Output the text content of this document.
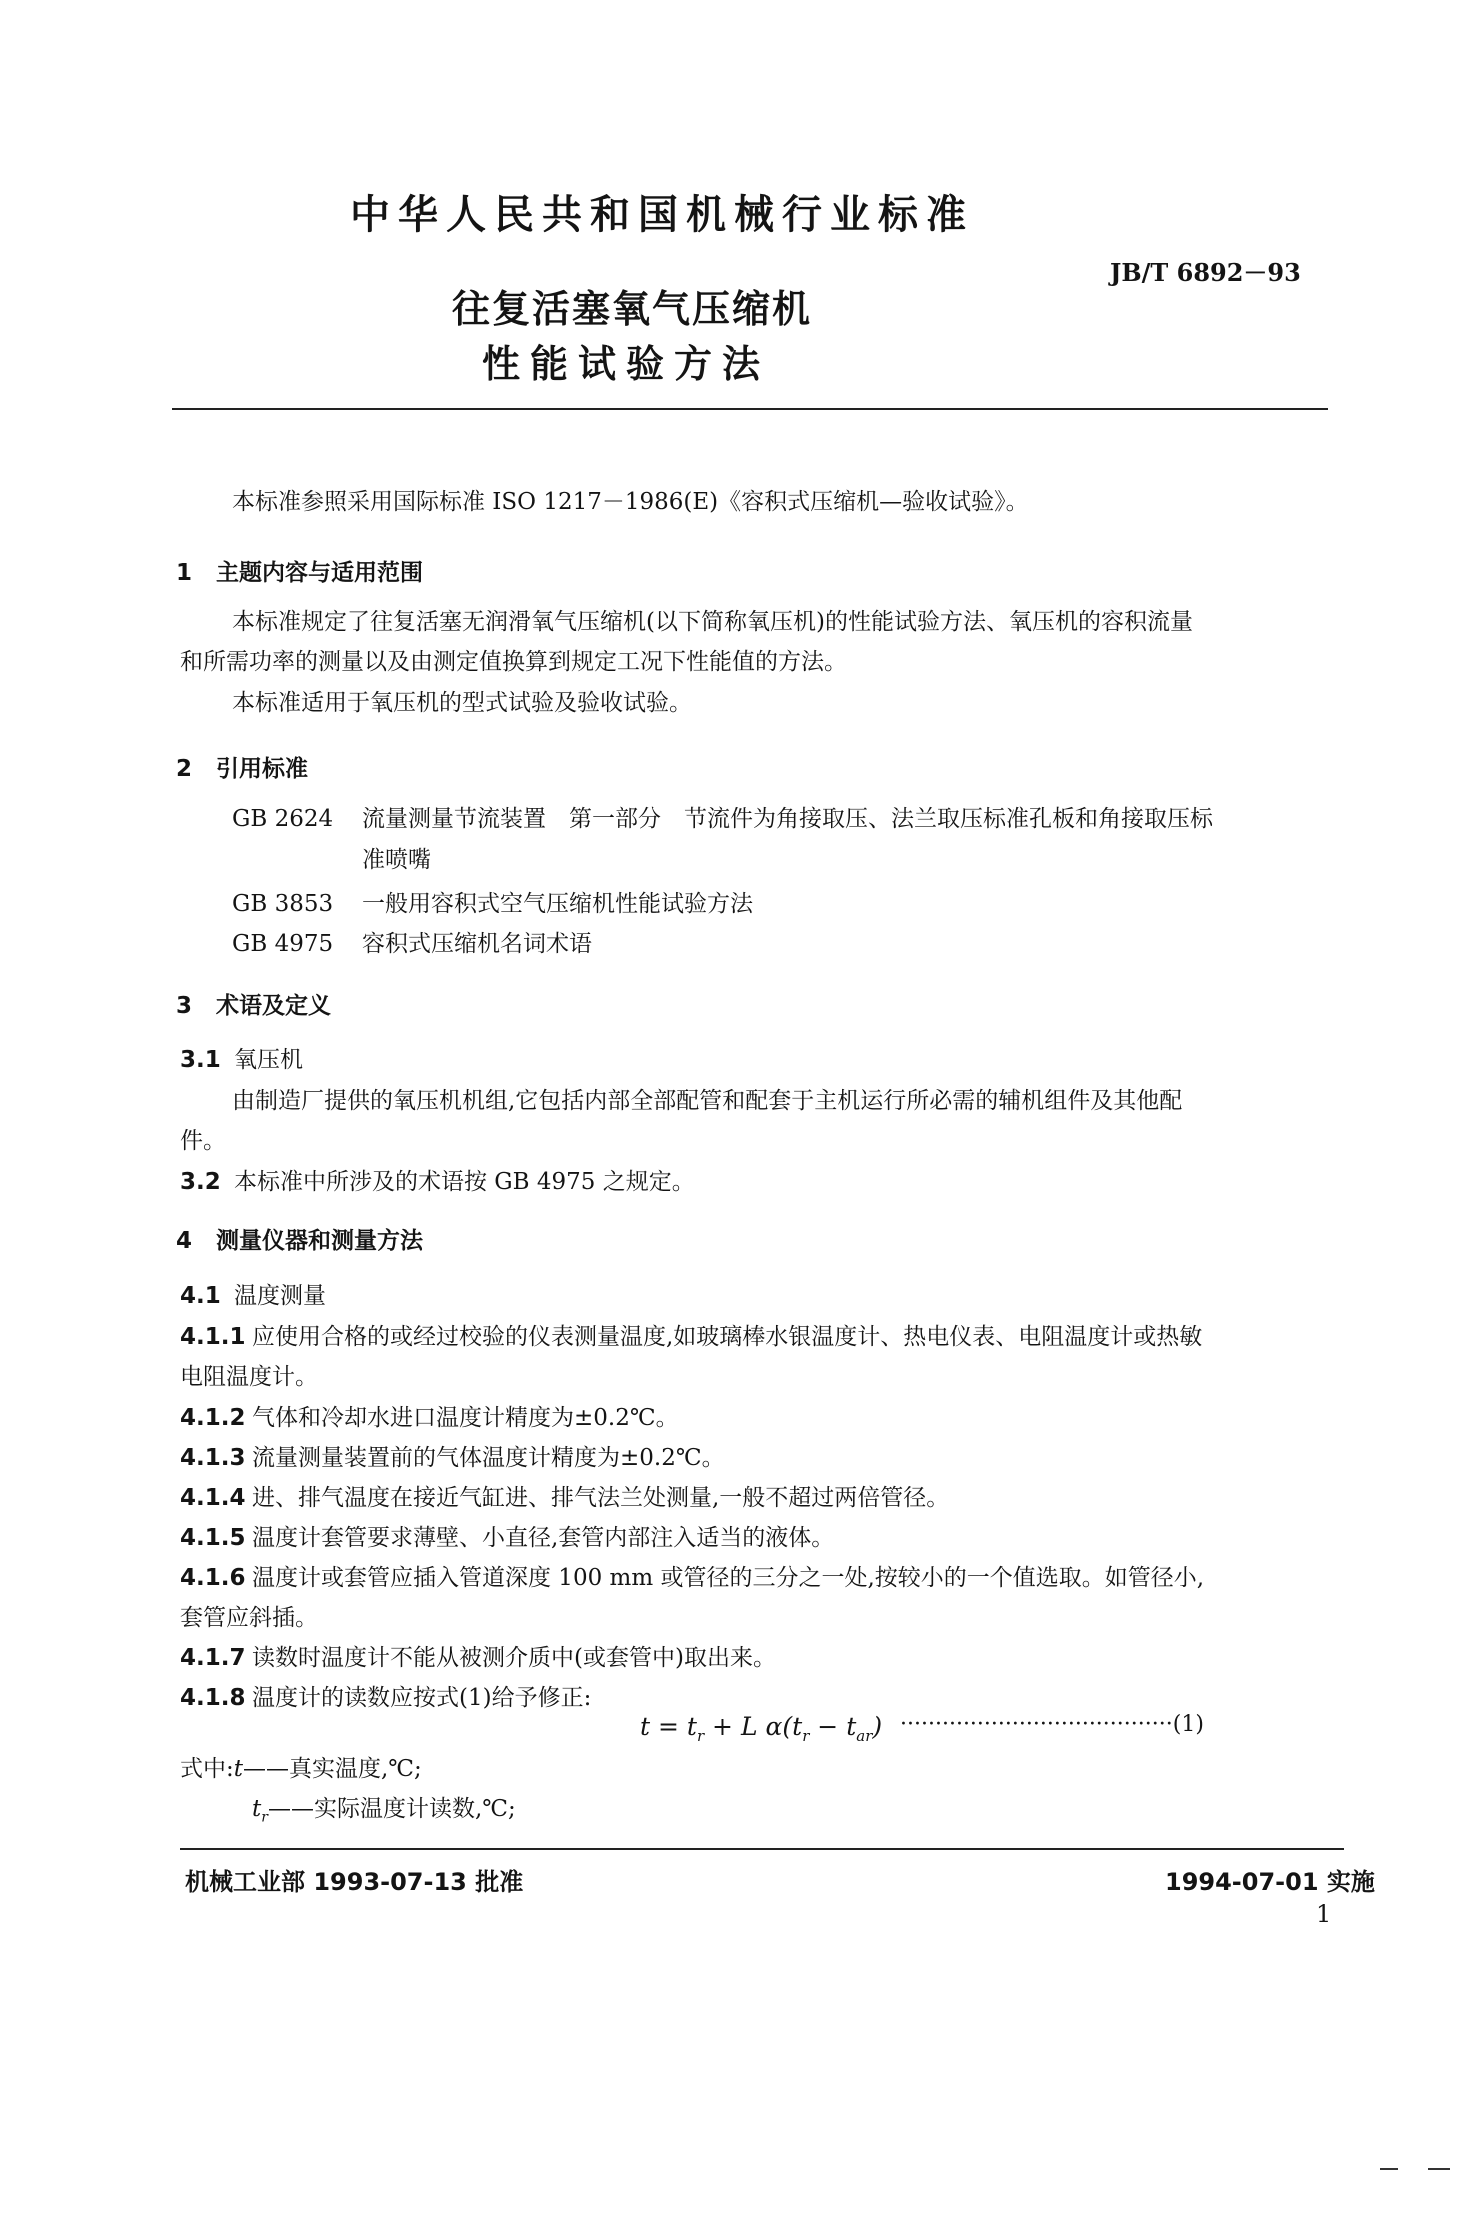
中华人民共和国机械行业标准
JB/T 6892－93
往复活塞氧气压缩机
性能试验方法
本标准参照采用国际标准 ISO 1217－1986(E)《容积式压缩机—验收试验》。
1 主题内容与适用范围
本标准规定了往复活塞无润滑氧气压缩机(以下简称氧压机)的性能试验方法、氧压机的容积流量
和所需功率的测量以及由测定值换算到规定工况下性能值的方法。
本标准适用于氧压机的型式试验及验收试验。
2 引用标准
GB 2624 流量测量节流装置　第一部分　节流件为角接取压、法兰取压标准孔板和角接取压标
准喷嘴
GB 3853 一般用容积式空气压缩机性能试验方法
GB 4975 容积式压缩机名词术语
3 术语及定义
3.1 氧压机
由制造厂提供的氧压机机组,它包括内部全部配管和配套于主机运行所必需的辅机组件及其他配
件。
3.2 本标准中所涉及的术语按 GB 4975 之规定。
4 测量仪器和测量方法
4.1 温度测量
4.1.1 应使用合格的或经过校验的仪表测量温度,如玻璃棒水银温度计、热电仪表、电阻温度计或热敏
电阻温度计。
4.1.2 气体和冷却水进口温度计精度为±0.2℃。
4.1.3 流量测量装置前的气体温度计精度为±0.2℃。
4.1.4 进、排气温度在接近气缸进、排气法兰处测量,一般不超过两倍管径。
4.1.5 温度计套管要求薄壁、小直径,套管内部注入适当的液体。
4.1.6 温度计或套管应插入管道深度 100 mm 或管径的三分之一处,按较小的一个值选取。如管径小,
套管应斜插。
4.1.7 读数时温度计不能从被测介质中(或套管中)取出来。
4.1.8 温度计的读数应按式(1)给予修正:
$t = t_r + L$ $\alpha(t_r - t_{ar}) \cdot\cdot\cdot\cdot\cdot\cdot\cdot\cdot\cdot\cdot\cdot\cdot\cdot\cdot\cdot\cdot\cdot\cdot\cdot\cdot\cdot\cdot\cdot\cdot\cdot\cdot\cdot\cdot\cdot\cdot\cdot\cdot\cdot\cdot\cdot\cdot\cdot\cdot\cdot(1)$
式中:t——真实温度,℃;
$t_r——$实际温度计读数,℃;
机械工业部 1993-07-13 批准	1994-07-01 实施
1
